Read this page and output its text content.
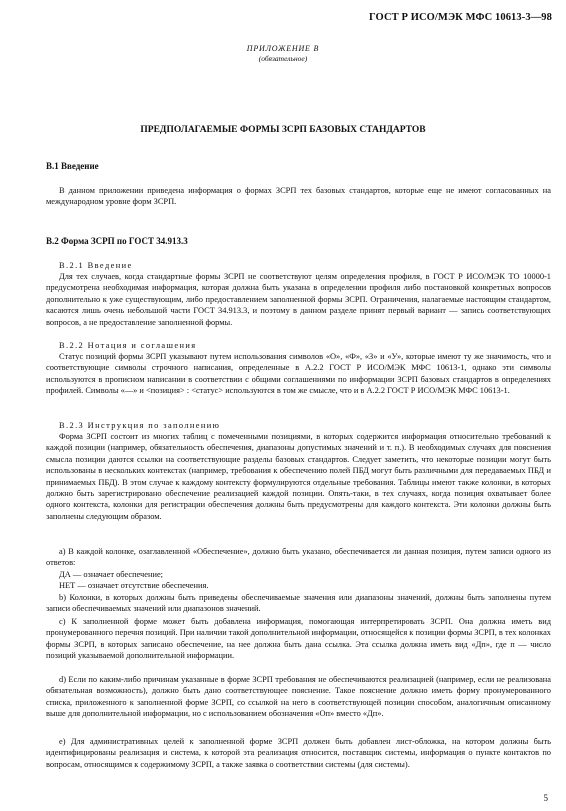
ГОСТ Р ИСО/МЭК МФС 10613-3—98
ПРИЛОЖЕНИЕ В
(обязательное)
ПРЕДПОЛАГАЕМЫЕ ФОРМЫ ЗСРП БАЗОВЫХ СТАНДАРТОВ
В.1 Введение
В данном приложении приведена информация о формах ЗСРП тех базовых стандартов, которые еще не имеют согласованных на международном уровне форм ЗСРП.
В.2 Форма ЗСРП по ГОСТ 34.913.3
В.2.1 Введение
Для тех случаев, когда стандартные формы ЗСРП не соответствуют целям определения профиля, в ГОСТ Р ИСО/МЭК ТО 10000-1 предусмотрена необходимая информация, которая должна быть указана в определении профиля либо постановкой конкретных вопросов дополнительно к уже существующим, либо предоставлением заполненной формы ЗСРП. Ограничения, налагаемые настоящим стандартом, касаются лишь очень небольшой части ГОСТ 34.913.3, и поэтому в данном разделе принят первый вариант — запись соответствующих вопросов, а не предоставление заполненной формы.
В.2.2 Нотация и соглашения
Статус позиций формы ЗСРП указывают путем использования символов «О», «Ф», «З» и «У», которые имеют ту же значимость, что и соответствующие символы строчного написания, определенные в А.2.2 ГОСТ Р ИСО/МЭК МФС 10613-1, однако эти символы используются в прописном написании в соответствии с общими соглашениями по информации ЗСРП базовых стандартов в определениях профилей. Символы «—» и <позиция> : <статус> используются в том же смысле, что и в А.2.2 ГОСТ Р ИСО/МЭК МФС 10613-1.
В.2.3 Инструкция по заполнению
Форма ЗСРП состоит из многих таблиц с помеченными позициями, в которых содержится информация относительно требований к каждой позиции (например, обязательность обеспечения, диапазоны допустимых значений и т. п.). В необходимых случаях для пояснения смысла позиции даются ссылки на соответствующие разделы базовых стандартов. Следует заметить, что некоторые позиции могут быть использованы в нескольких контекстах (например, требования к обеспечению полей ПБД могут быть различными для передаваемых ПБД и принимаемых ПБД). В этом случае к каждому контексту формулируются отдельные требования. Таблицы имеют также колонки, в которых должно быть зарегистрировано обеспечение реализацией каждой позиции. Опять-таки, в тех случаях, когда позиция охватывает более одного контекста, колонки для регистрации обеспечения должны быть предусмотрены для каждого контекста. Эти колонки должны быть заполнены следующим образом.
а) В каждой колонке, озаглавленной «Обеспечение», должно быть указано, обеспечивается ли данная позиция, путем записи одного из ответов:
ДА — означает обеспечение;
НЕТ — означает отсутствие обеспечения.
b) Колонки, в которых должны быть приведены обеспечиваемые значения или диапазоны значений, должны быть заполнены путем записи обеспечиваемых значений или диапазонов значений.
c) К заполненной форме может быть добавлена информация, помогающая интерпретировать ЗСРП. Она должна иметь вид пронумерованного перечня позиций. При наличии такой дополнительной информации, относящейся к позиции формы ЗСРП, в тех колонках формы ЗСРП, в которых записано обеспечение, на нее должна быть дана ссылка. Эта ссылка должна иметь вид «Дп», где п — число позиций указываемой дополнительной информации.
d) Если по каким-либо причинам указанные в форме ЗСРП требования не обеспечиваются реализацией (например, если не реализована обязательная возможность), должно быть дано соответствующее пояснение. Такое пояснение должно иметь форму пронумерованного списка, приложенного к заполненной форме ЗСРП, со ссылкой на него в соответствующей позиции способом, аналогичным описанному выше для дополнительной информации, но с использованием обозначения «Оп» вместо «Дп».
e) Для административных целей к заполненной форме ЗСРП должен быть добавлен лист-обложка, на котором должны быть идентифицированы реализация и система, к которой эта реализация относится, поставщик системы, информация о пунктe контактов по вопросам, относящимся к содержимому ЗСРП, а также заявка о соответствии системы (для системы).
5
